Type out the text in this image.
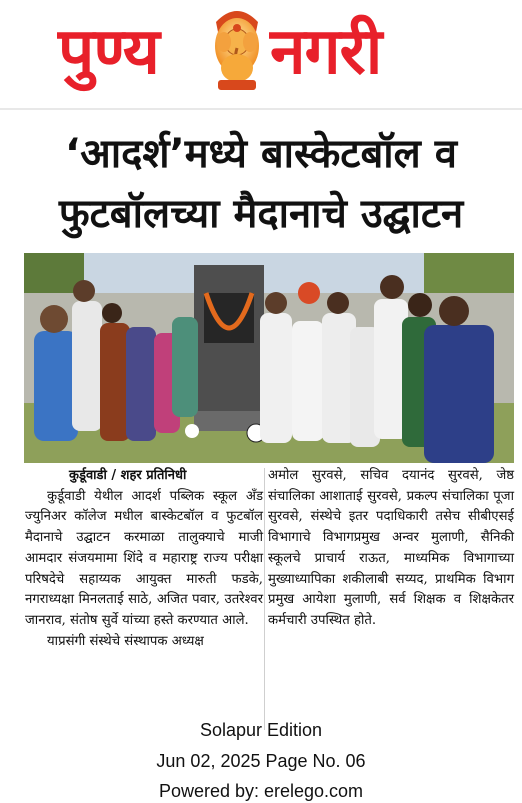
पुण्य नगरी
‘आदर्श’मध्ये बास्केटबॉल व
फुटबॉलच्या मैदानाचे उद्घाटन
कुर्डूवाडी / शहर प्रतिनिधी
कुर्डूवाडी येथील आदर्श पब्लिक स्कूल अँड ज्युनिअर कॉलेज मधील बास्केटबॉल व फुटबॉल मैदानाचे उद्घाटन करमाळा तालुक्याचे माजी आमदार संजयमामा शिंदे व महाराष्ट्र राज्य परीक्षा परिषदेचे सहाय्यक आयुक्त मारुती फडके, नगराध्यक्षा मिनलताई साठे, अजित पवार, उतरेश्वर जानराव, संतोष सुर्वे यांच्या हस्ते करण्यात आले.
याप्रसंगी संस्थेचे संस्थापक अध्यक्ष
अमोल सुरवसे, सचिव दयानंद सुरवसे, जेष्ठ संचालिका आशाताई सुरवसे, प्रकल्प संचालिका पूजा सुरवसे, संस्थेचे इतर पदाधिकारी तसेच सीबीएसई विभागाचे विभागप्रमुख अन्वर मुलाणी, सैनिकी स्कूलचे प्राचार्य राऊत, माध्यमिक विभागाच्या मुख्याध्यापिका शकीलाबी सय्यद, प्राथमिक विभाग प्रमुख आयेशा मुलाणी, सर्व शिक्षक व शिक्षकेतर कर्मचारी उपस्थित होते.
Solapur Edition
Jun 02, 2025 Page No. 06
Powered by: erelego.com
